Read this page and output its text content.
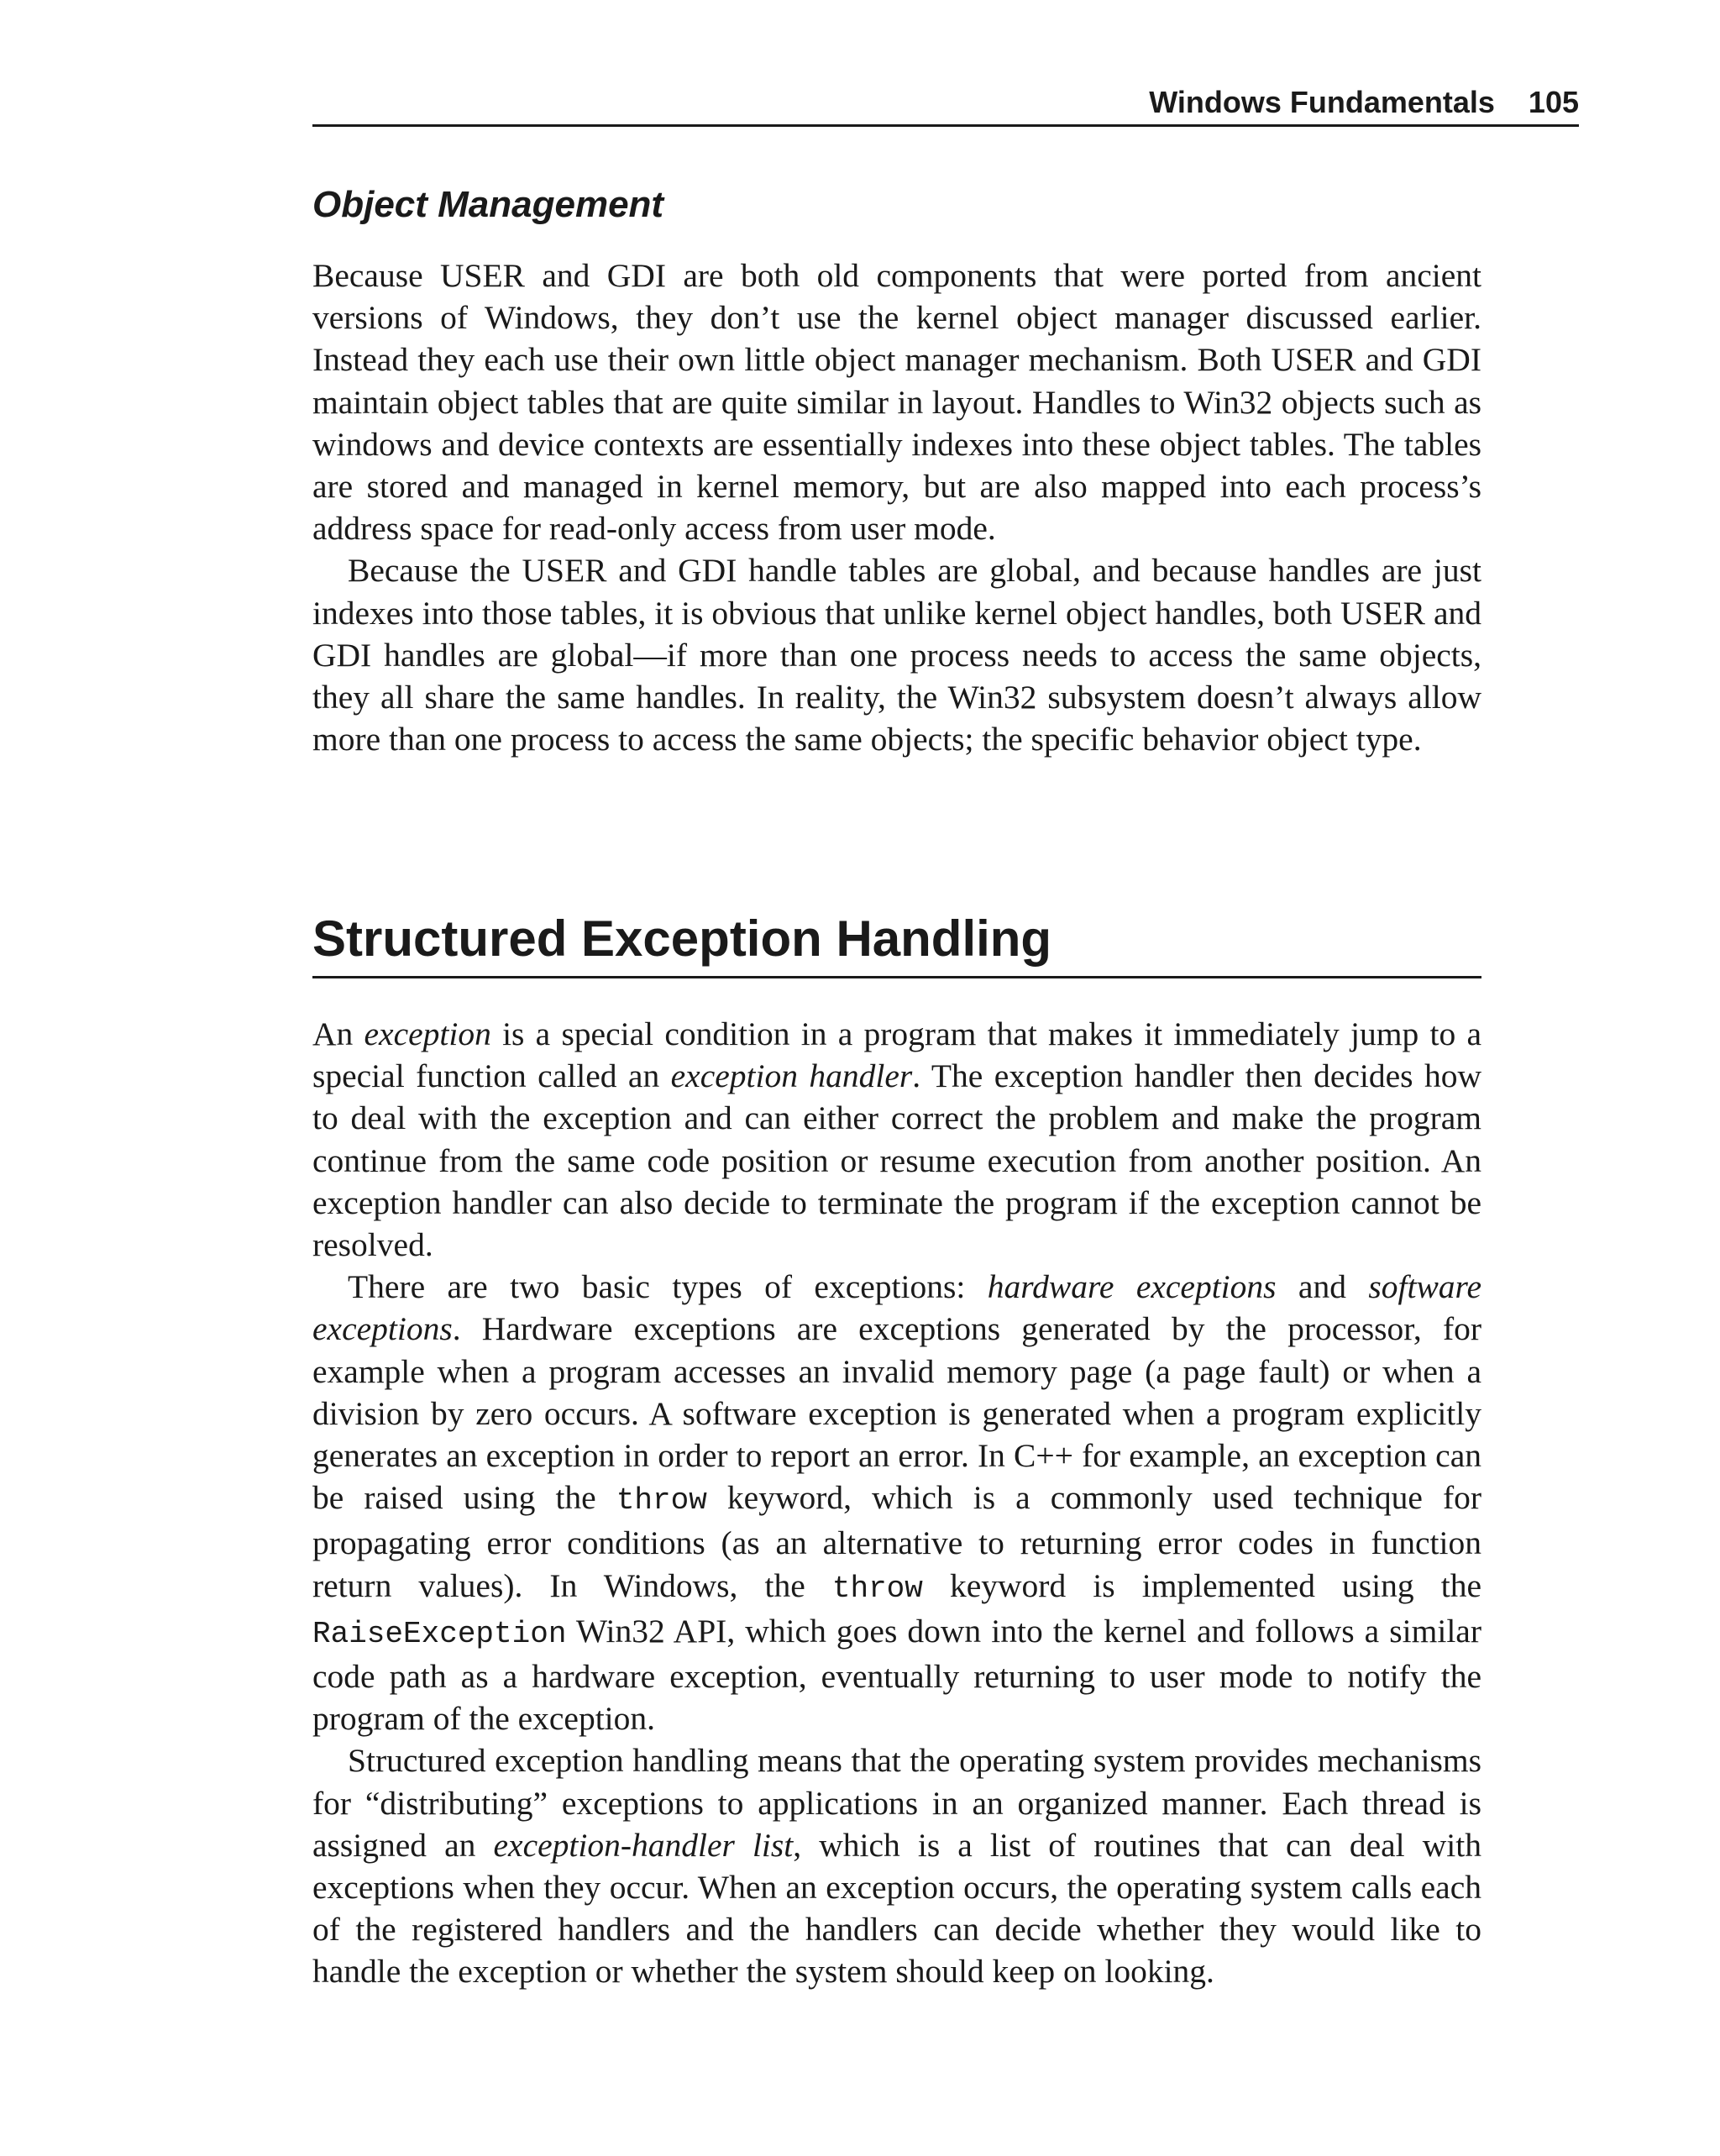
Windows Fundamentals 105
Object Management

Because USER and GDI are both old components that were ported from ancient versions of Windows, they don’t use the kernel object manager discussed earlier. Instead they each use their own little object manager mechanism. Both USER and GDI maintain object tables that are quite similar in layout. Handles to Win32 objects such as windows and device contexts are essentially indexes into these object tables. The tables are stored and managed in kernel memory, but are also mapped into each process’s address space for read-only access from user mode.

Because the USER and GDI handle tables are global, and because handles are just indexes into those tables, it is obvious that unlike kernel object handles, both USER and GDI handles are global—if more than one process needs to access the same objects, they all share the same handles. In reality, the Win32 subsystem doesn’t always allow more than one process to access the same objects; the specific behavior object type.

Structured Exception Handling

An exception is a special condition in a program that makes it immediately jump to a special function called an exception handler. The exception handler then decides how to deal with the exception and can either correct the problem and make the program continue from the same code position or resume execution from another position. An exception handler can also decide to terminate the program if the exception cannot be resolved.

There are two basic types of exceptions: hardware exceptions and software exceptions. Hardware exceptions are exceptions generated by the processor, for example when a program accesses an invalid memory page (a page fault) or when a division by zero occurs. A software exception is generated when a program explicitly generates an exception in order to report an error. In C++ for example, an exception can be raised using the throw keyword, which is a commonly used technique for propagating error conditions (as an alternative to returning error codes in function return values). In Windows, the throw keyword is implemented using the RaiseException Win32 API, which goes down into the kernel and follows a similar code path as a hardware exception, eventually returning to user mode to notify the program of the exception.

Structured exception handling means that the operating system provides mechanisms for “distributing” exceptions to applications in an organized manner. Each thread is assigned an exception-handler list, which is a list of routines that can deal with exceptions when they occur. When an exception occurs, the operating system calls each of the registered handlers and the handlers can decide whether they would like to handle the exception or whether the system should keep on looking.
